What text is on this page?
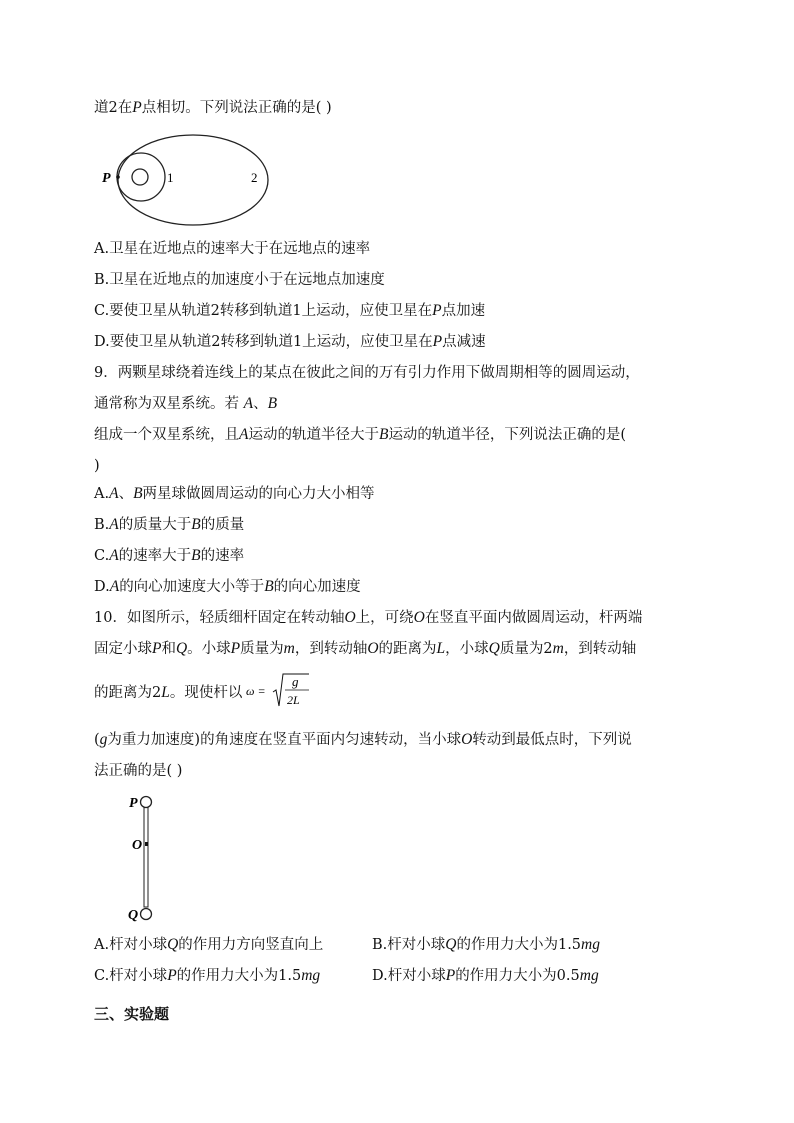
道2在P点相切。下列说法正确的是( )
A.卫星在近地点的速率大于在远地点的速率
B.卫星在近地点的加速度小于在远地点加速度
C.要使卫星从轨道2转移到轨道1上运动，应使卫星在P点加速
D.要使卫星从轨道2转移到轨道1上运动，应使卫星在P点减速
9．两颗星球绕着连线上的某点在彼此之间的万有引力作用下做周期相等的圆周运动，
通常称为双星系统。若 A、B
组成一个双星系统，且A运动的轨道半径大于B运动的轨道半径，下列说法正确的是(
)
A.A、B两星球做圆周运动的向心力大小相等
B.A的质量大于B的质量
C.A的速率大于B的速率
D.A的向心加速度大小等于B的向心加速度
10．如图所示，轻质细杆固定在转动轴O上，可绕O在竖直平面内做圆周运动，杆两端
固定小球P和Q。小球P质量为m，到转动轴O的距离为L，小球Q质量为2m，到转动轴
的距离为2L。现使杆以 ω =
g
2L
(g为重力加速度)的角速度在竖直平面内匀速转动，当小球O转动到最低点时，下列说
法正确的是( )
P	1	2
P
O
Q
A.杆对小球Q的作用力方向竖直向上	B.杆对小球Q的作用力大小为1.5mg
C.杆对小球P的作用力大小为1.5mg	D.杆对小球P的作用力大小为0.5mg
三、实验题
